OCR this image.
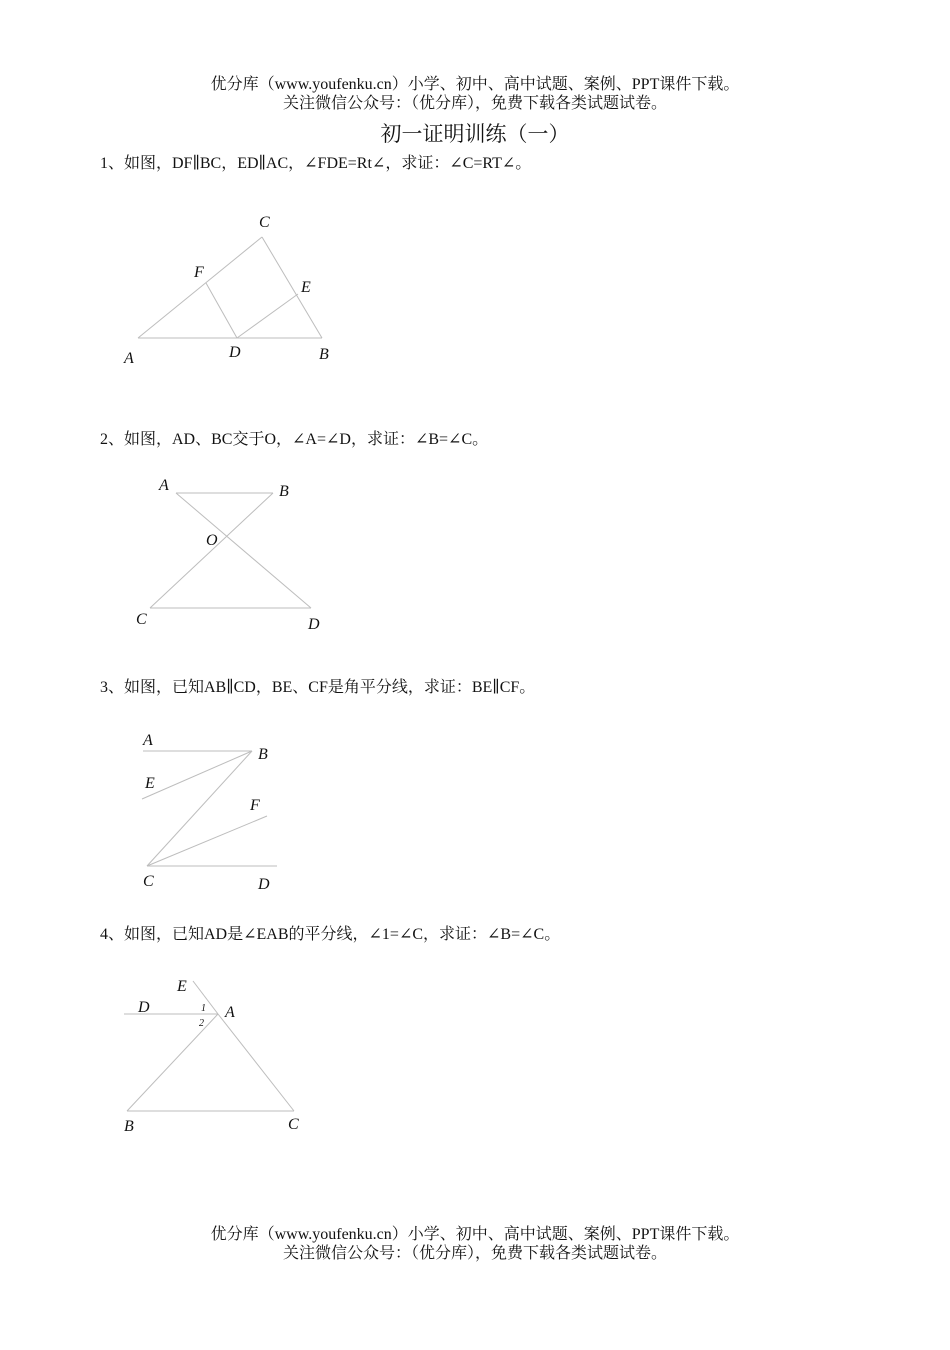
优分库（www.youfenku.cn）小学、初中、高中试题、案例、PPT课件下载。
关注微信公众号：（优分库），免费下载各类试题试卷。
初一证明训练（一）
1、如图，DF∥BC，ED∥AC，∠FDE=Rt∠，求证：∠C=RT∠。
C
F
E
A	D	B
2、如图，AD、BC交于O，∠A=∠D，求证：∠B=∠C。
A	B
O
C	D
3、如图，已知AB∥CD，BE、CF是角平分线，求证：BE∥CF。
A
B
E
F
C	D
4、如图，已知AD是∠EAB的平分线，∠1=∠C，求证：∠B=∠C。
E
D	A
1
2
B	C
优分库（www.youfenku.cn）小学、初中、高中试题、案例、PPT课件下载。
关注微信公众号：（优分库），免费下载各类试题试卷。
